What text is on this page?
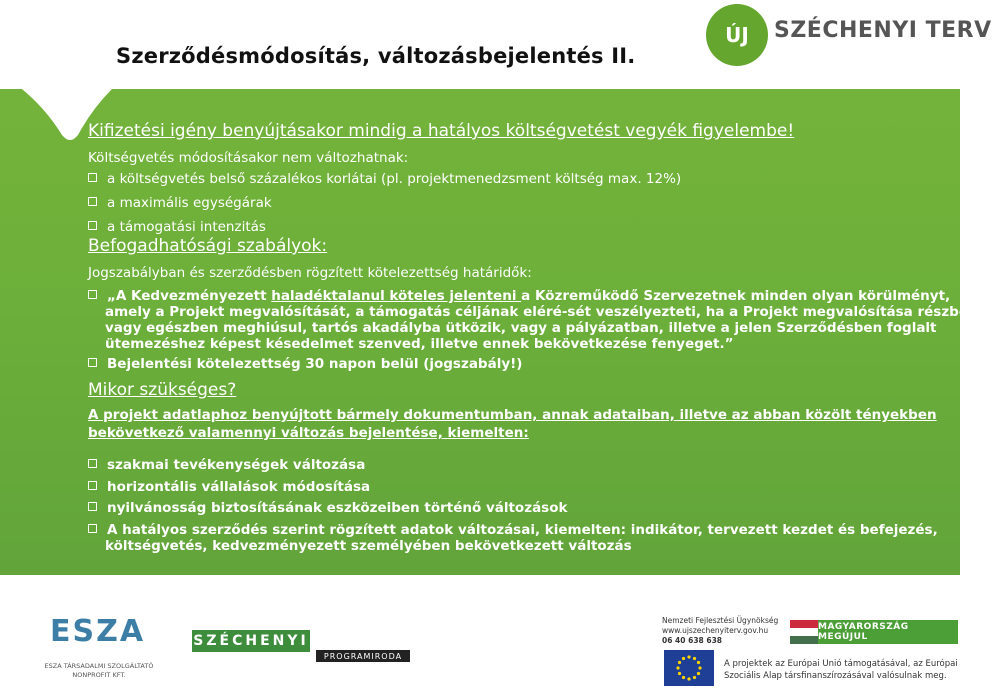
Szerződésmódosítás, változásbejelentés II.
ÚJ	SZÉCHENYI TERV

Kifizetési igény benyújtásakor mindig a hatályos költségvetést vegyék figyelembe!

Költségvetés módosításakor nem változhatnak:

a költségvetés belső százalékos korlátai (pl. projektmenedzsment költség max. 12%)

a maximális egységárak

a támogatási intenzitás

Befogadhatósági szabályok:

Jogszabályban és szerződésben rögzített kötelezettség határidők:

„A Kedvezményezett haladéktalanul köteles jelenteni a Közreműködő Szervezetnek minden olyan körülményt,

amely a Projekt megvalósítását, a támogatás céljának eléré-sét veszélyezteti, ha a Projekt megvalósítása részben

vagy egészben meghiúsul, tartós akadályba ütközik, vagy a pályázatban, illetve a jelen Szerződésben foglalt

ütemezéshez képest késedelmet szenved, illetve ennek bekövetkezése fenyeget.”

Bejelentési kötelezettség 30 napon belül (jogszabály!)

Mikor szükséges?

A projekt adatlaphoz benyújtott bármely dokumentumban, annak adataiban, illetve az abban közölt tényekben

bekövetkező valamennyi változás bejelentése, kiemelten:

szakmai tevékenységek változása

horizontális vállalások módosítása

nyilvánosság biztosításának eszközeiben történő változások

A hatályos szerződés szerint rögzített adatok változásai, kiemelten: indikátor, tervezett kezdet és befejezés,

költségvetés, kedvezményezett személyében bekövetkezett változás

ESZA
ESZA TÁRSADALMI SZOLGÁLTATÓ
NONPROFIT KFT.
SZÉCHENYI
PROGRAMIRODA
Nemzeti Fejlesztési Ügynökség
www.ujszechenyiterv.gov.hu
06 40 638 638
MAGYARORSZÁG MEGÚJUL
A projektek az Európai Unió támogatásával, az Európai
Szociális Alap társfinanszírozásával valósulnak meg.
